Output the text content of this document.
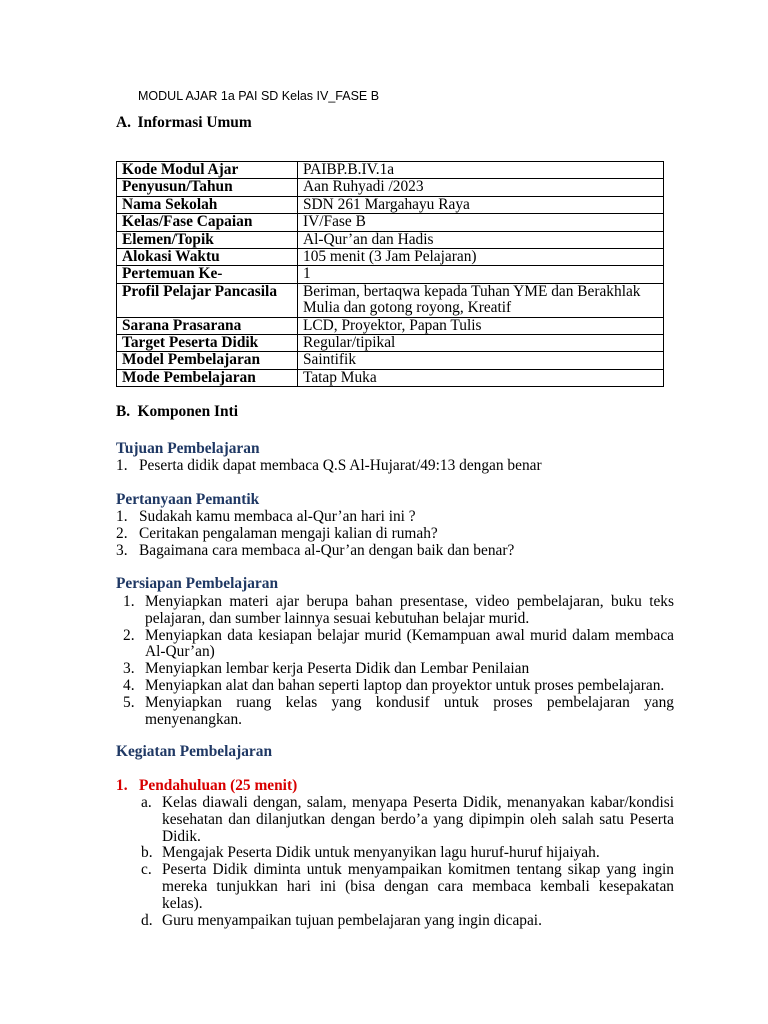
MODUL AJAR 1a PAI SD Kelas IV_FASE B
A. Informasi Umum
Kode Modul Ajar	PAIBP.B.IV.1a
Penyusun/Tahun	Aan Ruhyadi /2023
Nama Sekolah	SDN 261 Margahayu Raya
Kelas/Fase Capaian	IV/Fase B
Elemen/Topik	Al-Qur’an dan Hadis
Alokasi Waktu	105 menit (3 Jam Pelajaran)
Pertemuan Ke-	1
Profil Pelajar Pancasila	Beriman, bertaqwa kepada Tuhan YME dan Berakhlak Mulia dan gotong royong, Kreatif
Sarana Prasarana	LCD, Proyektor, Papan Tulis
Target Peserta Didik	Regular/tipikal
Model Pembelajaran	Saintifik
Mode Pembelajaran	Tatap Muka
B. Komponen Inti
Tujuan Pembelajaran
1. Peserta didik dapat membaca Q.S Al-Hujarat/49:13 dengan benar
Pertanyaan Pemantik
1. Sudakah kamu membaca al-Qur’an hari ini ?
2. Ceritakan pengalaman mengaji kalian di rumah?
3. Bagaimana cara membaca al-Qur’an dengan baik dan benar?
Persiapan Pembelajaran
1. Menyiapkan materi ajar berupa bahan presentase, video pembelajaran, buku teks
pelajaran, dan sumber lainnya sesuai kebutuhan belajar murid.
2. Menyiapkan data kesiapan belajar murid (Kemampuan awal murid dalam membaca
Al-Qur’an)
3. Menyiapkan lembar kerja Peserta Didik dan Lembar Penilaian
4. Menyiapkan alat dan bahan seperti laptop dan proyektor untuk proses pembelajaran.
5. Menyiapkan ruang kelas yang kondusif untuk proses pembelajaran yang
menyenangkan.
Kegiatan Pembelajaran
1. Pendahuluan (25 menit)
a. Kelas diawali dengan, salam, menyapa Peserta Didik, menanyakan kabar/kondisi
kesehatan dan dilanjutkan dengan berdo’a yang dipimpin oleh salah satu Peserta
Didik.
b. Mengajak Peserta Didik untuk menyanyikan lagu huruf-huruf hijaiyah.
c. Peserta Didik diminta untuk menyampaikan komitmen tentang sikap yang ingin
mereka tunjukkan hari ini (bisa dengan cara membaca kembali kesepakatan
kelas).
d. Guru menyampaikan tujuan pembelajaran yang ingin dicapai.
